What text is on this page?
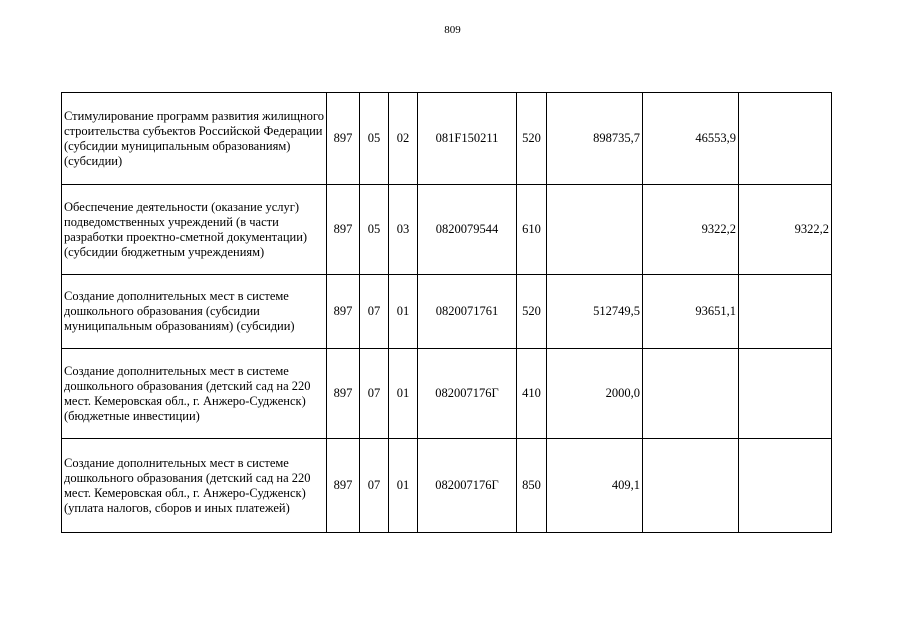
809
Стимулирование программ развития жилищного строительства субъектов Российской Федерации (субсидии муниципальным образованиям) (субсидии)	897	05	02	081F150211	520	898735,7	46553,9	
Обеспечение деятельности (оказание услуг) подведомственных учреждений (в части разработки проектно-сметной документации) (субсидии бюджетным учреждениям)	897	05	03	0820079544	610		9322,2	9322,2
Создание дополнительных мест в системе дошкольного образования (субсидии муниципальным образованиям) (субсидии)	897	07	01	0820071761	520	512749,5	93651,1	
Создание дополнительных мест в системе дошкольного образования (детский сад на 220 мест. Кемеровская обл., г. Анжеро-Судженск) (бюджетные инвестиции)	897	07	01	082007176Г	410	2000,0		
Создание дополнительных мест в системе дошкольного образования (детский сад на 220 мест. Кемеровская обл., г. Анжеро-Судженск) (уплата налогов, сборов и иных платежей)	897	07	01	082007176Г	850	409,1		
